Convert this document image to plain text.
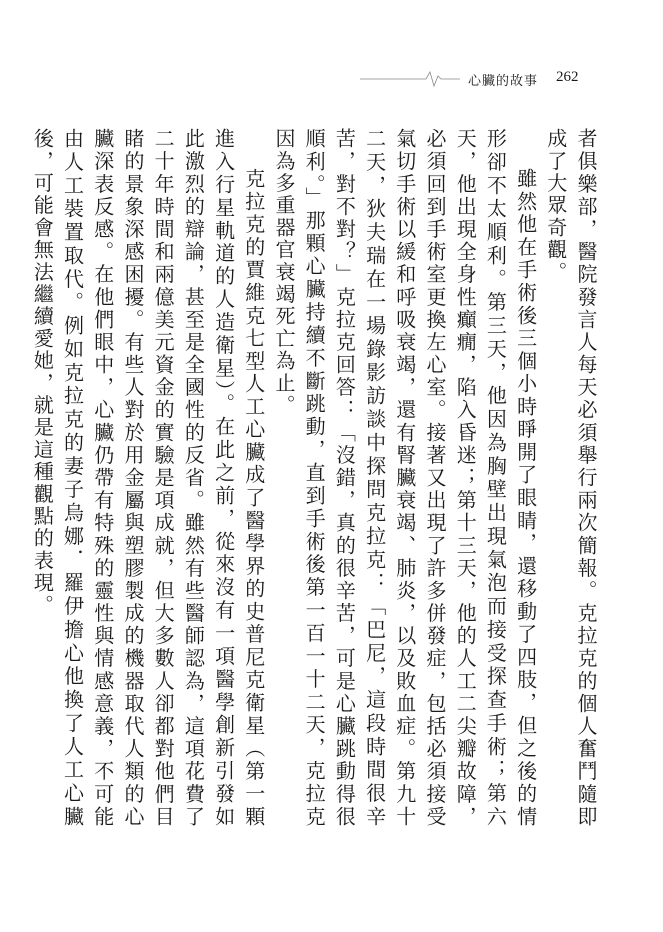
心臟的故事 262

者俱樂部，醫院發言人每天必須舉行兩次簡報。克拉克的個人奮鬥隨即成了大眾奇觀。

雖然他在手術後三個小時睜開了眼睛，還移動了四肢，但之後的情形卻不太順利。第三天，他因為胸壁出現氣泡而接受探查手術；第六天，他出現全身性癲癇，陷入昏迷；第十三天，他的人工二尖瓣故障，必須回到手術室更換左心室。接著又出現了許多併發症，包括必須接受氣切手術以緩和呼吸衰竭，還有腎臟衰竭、肺炎，以及敗血症。第九十二天，狄夫瑞在一場錄影訪談中探問克拉克：「巴尼，這段時間很辛苦，對不對？」克拉克回答：「沒錯，真的很辛苦，可是心臟跳動得很順利。」那顆心臟持續不斷跳動，直到手術後第一百一十二天，克拉克因為多重器官衰竭死亡為止。

克拉克的賈維克七型人工心臟成了醫學界的史普尼克衛星（第一顆進入行星軌道的人造衛星）。在此之前，從來沒有一項醫學創新引發如此激烈的辯論，甚至是全國性的反省。雖然有些醫師認為，這項花費了二十年時間和兩億美元資金的實驗是項成就，但大多數人卻都對他們目睹的景象深感困擾。有些人對於用金屬與塑膠製成的機器取代人類的心臟深表反感。在他們眼中，心臟仍帶有特殊的靈性與情感意義，不可能由人工裝置取代。例如克拉克的妻子烏娜．羅伊擔心他換了人工心臟後，可能會無法繼續愛她，就是這種觀點的表現。
